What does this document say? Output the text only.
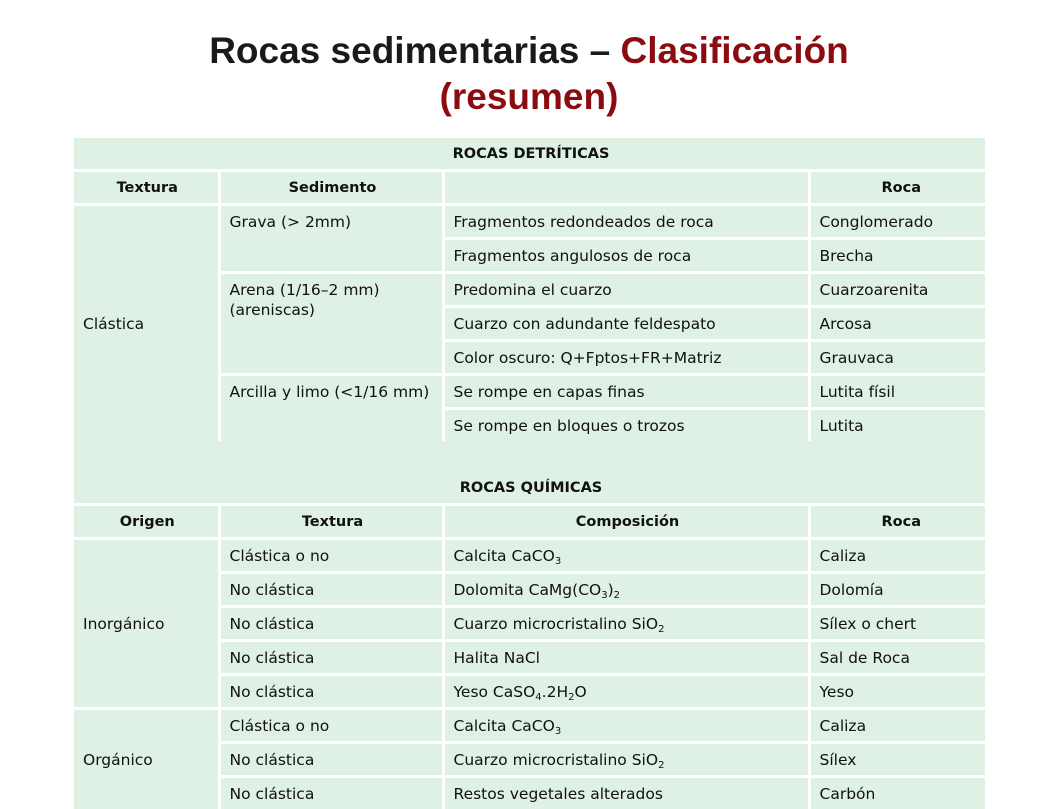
Rocas sedimentarias – Clasificación
(resumen)
ROCAS DETRÍTICAS			

Textura	Sedimento		Roca

Clástica	Grava (> 2mm)	Fragmentos redondeados de roca	Conglomerado

		Fragmentos angulosos de roca	Brecha

	Arena (1/16–2 mm) (areniscas)	Predomina el cuarzo	Cuarzoarenita

		Cuarzo con adundante feldespato	Arcosa

		Color oscuro: Q+Fptos+FR+Matriz	Grauvaca

	Arcilla y limo (<1/16 mm)	Se rompe en capas finas	Lutita físil

		Se rompe en bloques o trozos	Lutita

ROCAS QUÍMICAS			

Origen	Textura	Composición	Roca

Inorgánico	Clástica o no	Calcita CaCO$_3$	Caliza

	No clástica	Dolomita $CaMg(CO_3)_2$	Dolomía

	No clástica	Cuarzo microcristalino SiO$_2$	Sílex o chert

	No clástica	Halita NaCl	Sal de Roca

	No clástica	Yeso $CaSO_4.2H_2O$	Yeso

Orgánico	Clástica o no	Calcita CaCO$_3$	Caliza

	No clástica	Cuarzo microcristalino SiO$_2$	Sílex

	No clástica	Restos vegetales alterados	Carbón
